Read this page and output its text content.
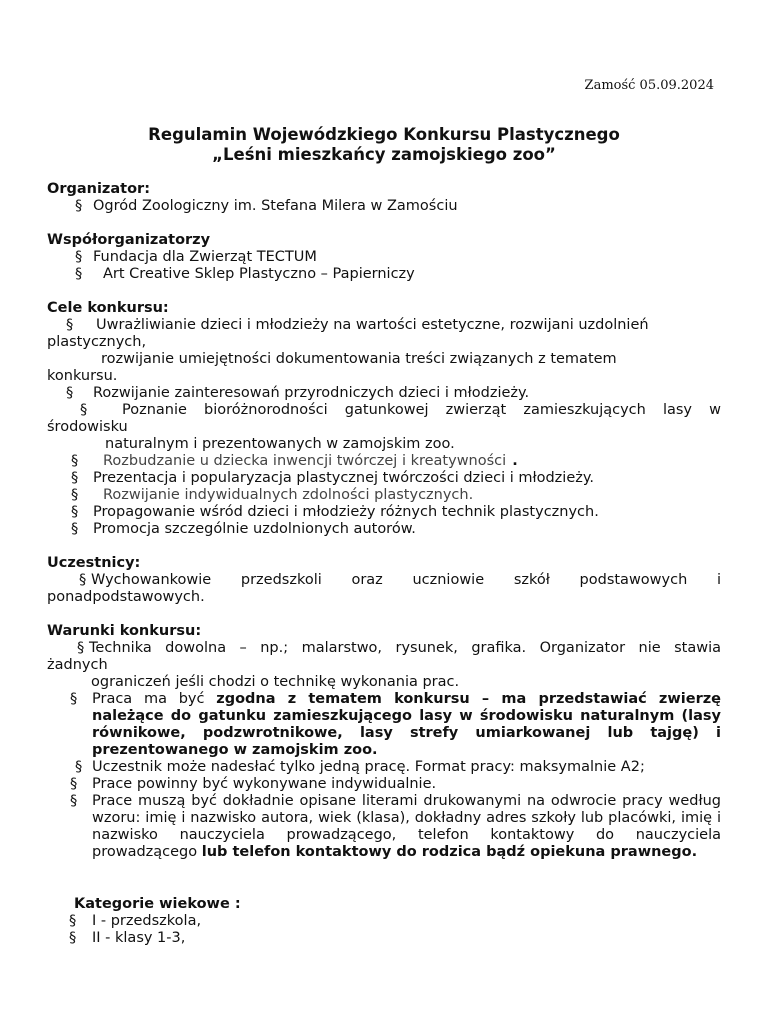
Zamość 05.09.2024
Regulamin Wojewódzkiego Konkursu Plastycznego
„Leśni mieszkańcy zamojskiego zoo”
Organizator:
§ Ogród Zoologiczny im. Stefana Milera w Zamościu
Współorganizatorzy
§ Fundacja dla Zwierząt TECTUM
§ Art Creative Sklep Plastyczno – Papierniczy
Cele konkursu:
§ Uwrażliwianie dzieci i młodzieży na wartości estetyczne, rozwijani uzdolnień
plastycznych,
rozwijanie umiejętności dokumentowania treści związanych z tematem
konkursu.
§ Rozwijanie zainteresowań przyrodniczych dzieci i młodzieży.
§ Poznanie bioróżnorodności gatunkowej zwierząt zamieszkujących lasy w
środowisku
naturalnym i prezentowanych w zamojskim zoo.
§ Rozbudzanie u dziecka inwencji twórczej i kreatywności .
§ Prezentacja i popularyzacja plastycznej twórczości dzieci i młodzieży.
§ Rozwijanie indywidualnych zdolności plastycznych.
§ Propagowanie wśród dzieci i młodzieży różnych technik plastycznych.
§ Promocja szczególnie uzdolnionych autorów.
Uczestnicy:
§ Wychowankowie przedszkoli oraz uczniowie szkół podstawowych i
ponadpodstawowych.
Warunki konkursu:
§ Technika dowolna – np.; malarstwo, rysunek, grafika. Organizator nie stawia
żadnych
ograniczeń jeśli chodzi o technikę wykonania prac.
§ Praca ma być zgodna z tematem konkursu – ma przedstawiać zwierzę należące do gatunku zamieszkującego lasy w środowisku naturalnym (lasy równikowe, podzwrotnikowe, lasy strefy umiarkowanej lub tajgę) i prezentowanego w zamojskim zoo.
§ Uczestnik może nadesłać tylko jedną pracę. Format pracy: maksymalnie A2;
§ Prace powinny być wykonywane indywidualnie.
§ Prace muszą być dokładnie opisane literami drukowanymi na odwrocie pracy według wzoru: imię i nazwisko autora, wiek (klasa), dokładny adres szkoły lub placówki, imię i nazwisko nauczyciela prowadzącego, telefon kontaktowy do nauczyciela prowadzącego lub telefon kontaktowy do rodzica bądź opiekuna prawnego.
Kategorie wiekowe :
§ I - przedszkola,
§ II - klasy 1-3,
